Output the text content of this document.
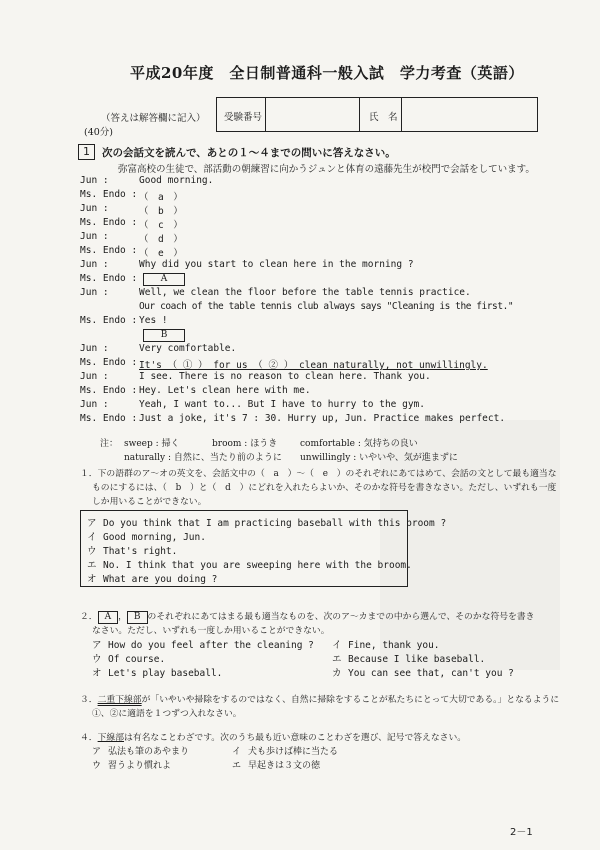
平成20年度　全日制普通科一般入試　学力考査（英語）
（答えは解答欄に記入）
(40分)
受験番号	氏　名
1	次の会話文を読んで、あとの１～４までの問いに答えなさい。
弥富高校の生徒で、部活動の朝練習に向かうジュンと体育の遠藤先生が校門で会話をしています。
Jun :	Good morning.
Ms. Endo : （　a　）
Jun :	（　b　）
Ms. Endo : （　c　）
Jun :	（　d　）
Ms. Endo : （　e　）
Jun :	Why did you start to clean here in the morning ?
Ms. Endo :	A
Jun :	Well, we clean the floor before the table tennis practice.
Our coach of the table tennis club always says "Cleaning is the first."
Ms. Endo : Yes !
B
Jun :	Very comfortable.
Ms. Endo : It's （ ① ） for us （ ② ） clean naturally, not unwillingly.
Jun :	I see. There is no reason to clean here. Thank you.
Ms. Endo : Hey. Let's clean here with me.
Jun :	Yeah, I want to... But I have to hurry to the gym.
Ms. Endo : Just a joke, it's 7 : 30. Hurry up, Jun. Practice makes perfect.
注： sweep : 掃く	broom : ほうき	comfortable : 気持ちの良い
naturally : 自然に、当たり前のように unwillingly : いやいや、気が進まずに
１．下の語群のア～オの英文を、会話文中の（　a　）～（　e　）のそれぞれにあてはめて、会話の文として最も適当な
ものにするには、（　b　）と（　d　）にどれを入れたらよいか、そのかな符号を書きなさい。ただし、いずれも一度
しか用いることができない。
ア Do you think that I am practicing baseball with this broom ?
イ Good morning, Jun.
ウ That's right.
エ No. I think that you are sweeping here with the broom.
オ What are you doing ?
２． A ， B のそれぞれにあてはまる最も適当なものを、次のア～カまでの中から選んで、そのかな符号を書き
なさい。ただし、いずれも一度しか用いることができない。
ア How do you feel after the cleaning ? イ Fine, thank you.
ウ Of course.	エ Because I like baseball.
オ Let's play baseball.	カ You can see that, can't you ?
３．二重下線部が「いやいや掃除をするのではなく、自然に掃除をすることが私たちにとって大切である。」となるように
①、②に適語を１つずつ入れなさい。
４．下線部は有名なことわざです。次のうち最も近い意味のことわざを選び、記号で答えなさい。
ア 弘法も筆のあやまり	イ 犬も歩けば棒に当たる
ウ 習うより慣れよ	エ 早起きは３文の徳
2－1
